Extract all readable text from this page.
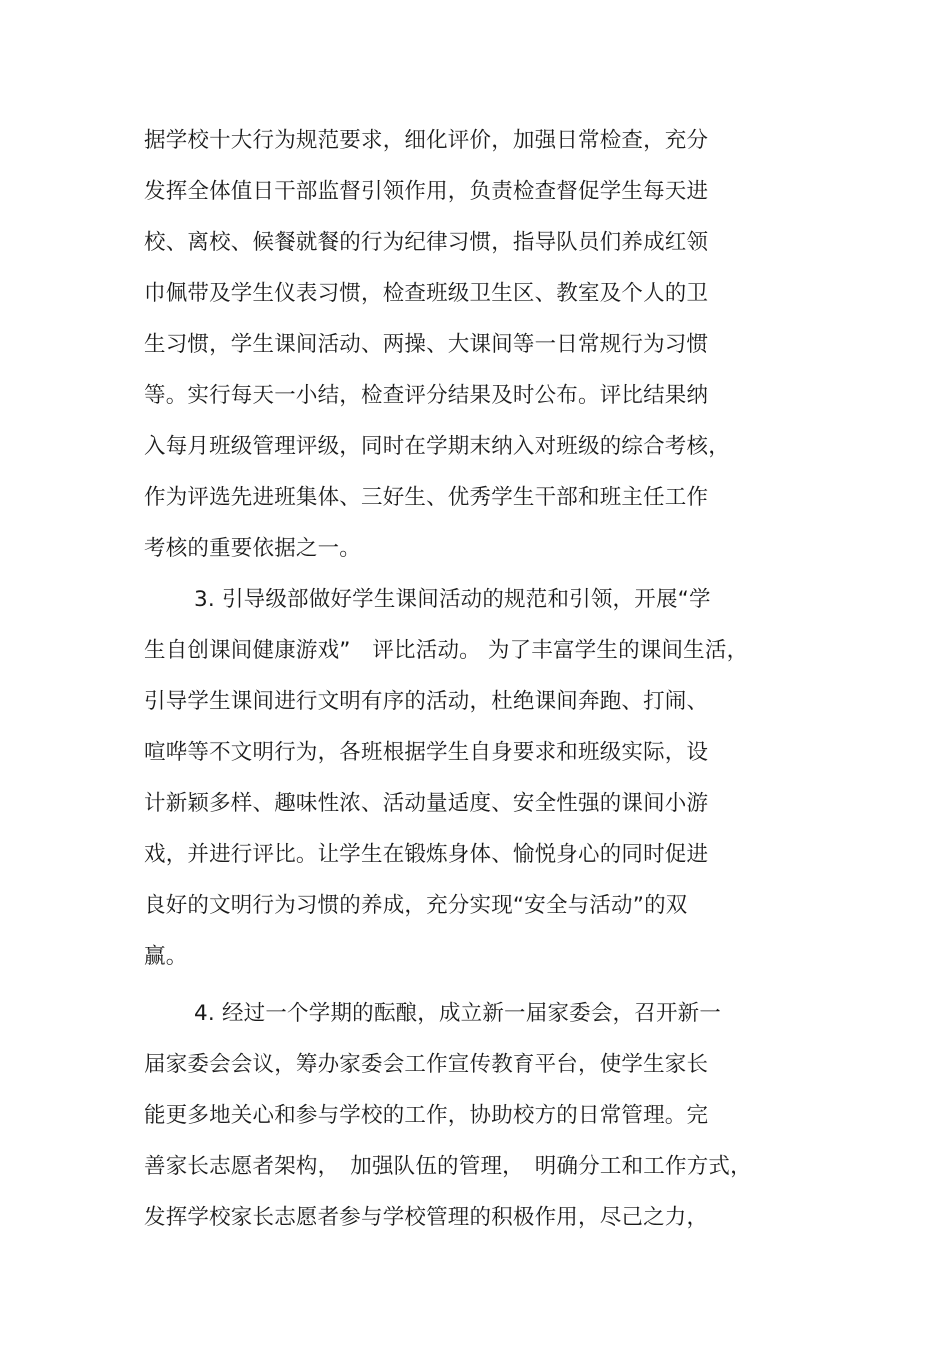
据学校十大行为规范要求，细化评价，加强日常检查，充分
发挥全体值日干部监督引领作用，负责检查督促学生每天进
校、离校、候餐就餐的行为纪律习惯，指导队员们养成红领
巾佩带及学生仪表习惯，检查班级卫生区、教室及个人的卫
生习惯，学生课间活动、两操、大课间等一日常规行为习惯
等。实行每天一小结，检查评分结果及时公布。评比结果纳
入每月班级管理评级，同时在学期末纳入对班级的综合考核，
作为评选先进班集体、三好生、优秀学生干部和班主任工作
考核的重要依据之一。
3. 引导级部做好学生课间活动的规范和引领，开展“学
生自创课间健康游戏”　评比活动。 为了丰富学生的课间生活，
引导学生课间进行文明有序的活动，杜绝课间奔跑、打闹、
喧哗等不文明行为，各班根据学生自身要求和班级实际，设
计新颖多样、趣味性浓、活动量适度、安全性强的课间小游
戏，并进行评比。让学生在锻炼身体、愉悦身心的同时促进
良好的文明行为习惯的养成，充分实现“安全与活动”的双
赢。
4. 经过一个学期的酝酿，成立新一届家委会，召开新一
届家委会会议，筹办家委会工作宣传教育平台，使学生家长
能更多地关心和参与学校的工作，协助校方的日常管理。完
善家长志愿者架构，　加强队伍的管理，　明确分工和工作方式，
发挥学校家长志愿者参与学校管理的积极作用，尽己之力，
